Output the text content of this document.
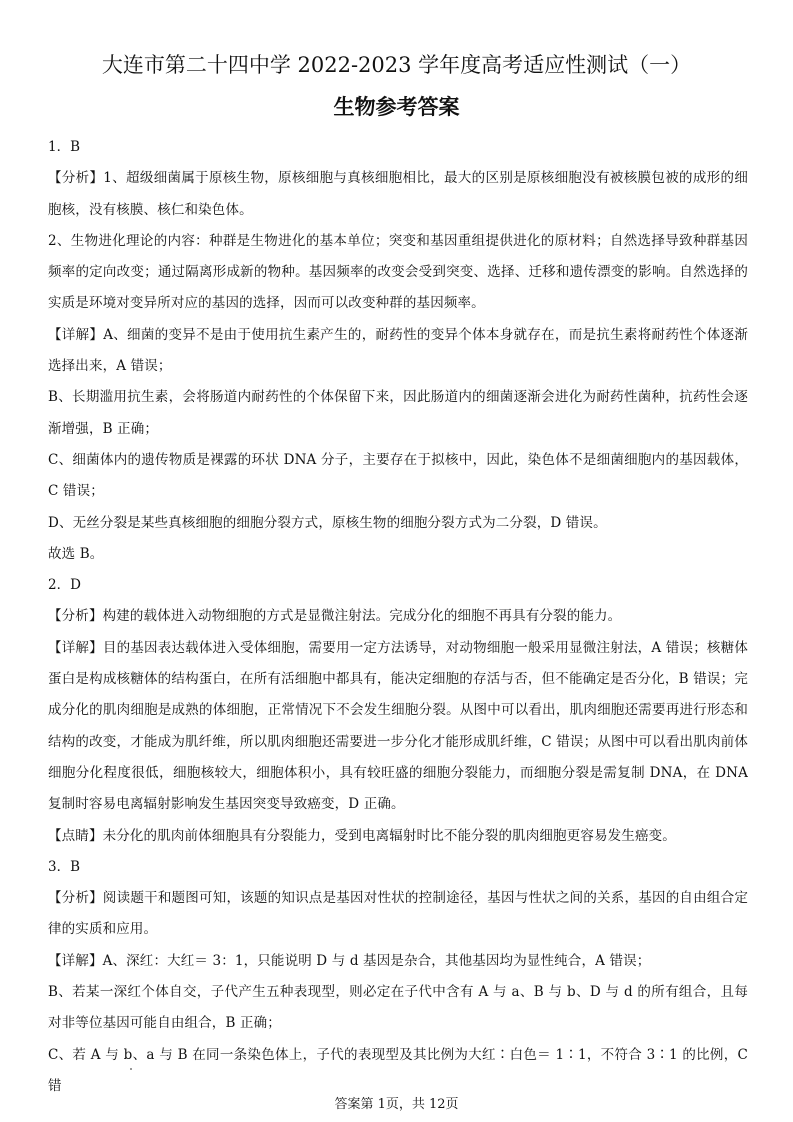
大连市第二十四中学 2022-2023 学年度高考适应性测试（一）
生物参考答案

1．B

【分析】1、超级细菌属于原核生物，原核细胞与真核细胞相比，最大的区别是原核细胞没有被核膜包被的成形的细胞核，没有核膜、核仁和染色体。

2、生物进化理论的内容：种群是生物进化的基本单位；突变和基因重组提供进化的原材料；自然选择导致种群基因频率的定向改变；通过隔离形成新的物种。基因频率的改变会受到突变、选择、迁移和遗传漂变的影响。自然选择的实质是环境对变异所对应的基因的选择，因而可以改变种群的基因频率。

【详解】A、细菌的变异不是由于使用抗生素产生的，耐药性的变异个体本身就存在，而是抗生素将耐药性个体逐渐选择出来，A 错误；

B、长期滥用抗生素，会将肠道内耐药性的个体保留下来，因此肠道内的细菌逐渐会进化为耐药性菌种，抗药性会逐渐增强，B 正确；

C、细菌体内的遗传物质是裸露的环状 DNA 分子，主要存在于拟核中，因此，染色体不是细菌细胞内的基因载体，C 错误；

D、无丝分裂是某些真核细胞的细胞分裂方式，原核生物的细胞分裂方式为二分裂，D 错误。

故选 B。

2．D

【分析】构建的载体进入动物细胞的方式是显微注射法。完成分化的细胞不再具有分裂的能力。

【详解】目的基因表达载体进入受体细胞，需要用一定方法诱导，对动物细胞一般采用显微注射法，A 错误；核糖体蛋白是构成核糖体的结构蛋白，在所有活细胞中都具有，能决定细胞的存活与否，但不能确定是否分化，B 错误；完成分化的肌肉细胞是成熟的体细胞，正常情况下不会发生细胞分裂。从图中可以看出，肌肉细胞还需要再进行形态和结构的改变，才能成为肌纤维，所以肌肉细胞还需要进一步分化才能形成肌纤维，C 错误；从图中可以看出肌肉前体细胞分化程度很低，细胞核较大，细胞体积小，具有较旺盛的细胞分裂能力，而细胞分裂是需复制 DNA，在 DNA 复制时容易电离辐射影响发生基因突变导致癌变，D 正确。

【点睛】未分化的肌肉前体细胞具有分裂能力，受到电离辐射时比不能分裂的肌肉细胞更容易发生癌变。

3．B

【分析】阅读题干和题图可知，该题的知识点是基因对性状的控制途径，基因与性状之间的关系，基因的自由组合定律的实质和应用。

【详解】A、深红：大红＝ 3：1，只能说明 D 与 d 基因是杂合，其他基因均为显性纯合，A 错误；

B、若某一深红个体自交，子代产生五种表现型，则必定在子代中含有 A 与 a、B 与 b、D 与 d 的所有组合，且每对非等位基因可能自由组合，B 正确；

C、若 A 与 b、a 与 B 在同一条染色体上，子代的表现型及其比例为大红∶白色＝ 1∶1，不符合 3∶1 的比例，C 错

答案第 1页，共 12页
